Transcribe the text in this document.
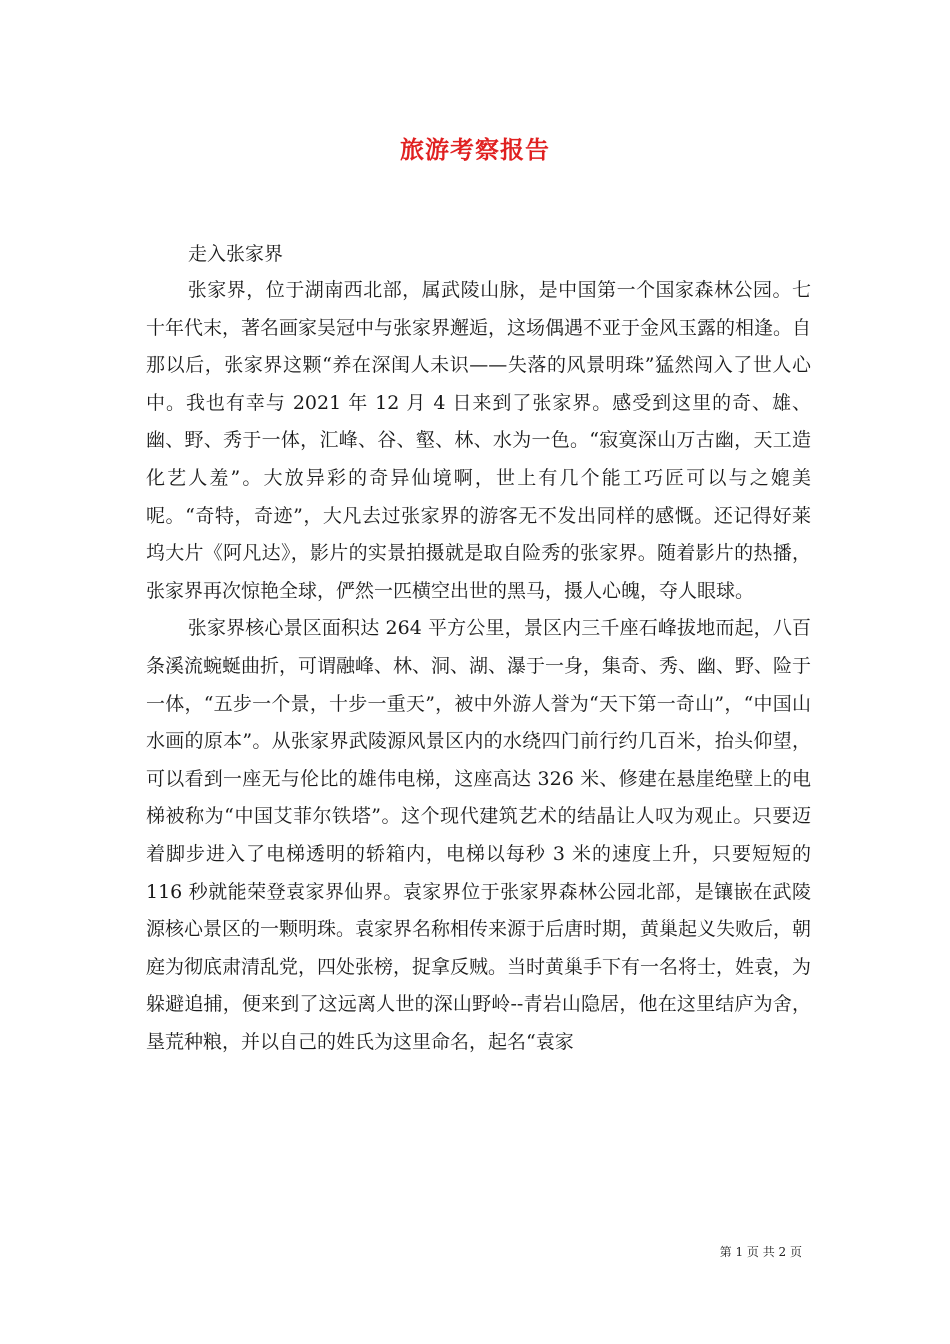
旅游考察报告
走入张家界

张家界，位于湖南西北部，属武陵山脉，是中国第一个国家森林公园。七十年代末，著名画家吴冠中与张家界邂逅，这场偶遇不亚于金风玉露的相逢。自那以后，张家界这颗“养在深闺人未识——失落的风景明珠”猛然闯入了世人心中。我也有幸与 2021 年 12 月 4 日来到了张家界。感受到这里的奇、雄、幽、野、秀于一体，汇峰、谷、壑、林、水为一色。“寂寞深山万古幽，天工造化艺人羞”。大放异彩的奇异仙境啊，世上有几个能工巧匠可以与之媲美呢。“奇特，奇迹”，大凡去过张家界的游客无不发出同样的感慨。还记得好莱坞大片《阿凡达》，影片的实景拍摄就是取自险秀的张家界。随着影片的热播，张家界再次惊艳全球，俨然一匹横空出世的黑马，摄人心魄，夺人眼球。

张家界核心景区面积达 264 平方公里，景区内三千座石峰拔地而起，八百条溪流蜿蜒曲折，可谓融峰、林、洞、湖、瀑于一身，集奇、秀、幽、野、险于一体，“五步一个景，十步一重天”，被中外游人誉为“天下第一奇山”，“中国山水画的原本”。从张家界武陵源风景区内的水绕四门前行约几百米，抬头仰望，可以看到一座无与伦比的雄伟电梯，这座高达 326 米、修建在悬崖绝壁上的电梯被称为“中国艾菲尔铁塔”。这个现代建筑艺术的结晶让人叹为观止。只要迈着脚步进入了电梯透明的轿箱内，电梯以每秒 3 米的速度上升，只要短短的 116 秒就能荣登袁家界仙界。袁家界位于张家界森林公园北部，是镶嵌在武陵源核心景区的一颗明珠。袁家界名称相传来源于后唐时期，黄巢起义失败后，朝庭为彻底肃清乱党，四处张榜，捉拿反贼。当时黄巢手下有一名将士，姓袁，为躲避追捕，便来到了这远离人世的深山野岭--青岩山隐居，他在这里结庐为舍，垦荒种粮，并以自己的姓氏为这里命名，起名“袁家

第 1 页 共 2 页
